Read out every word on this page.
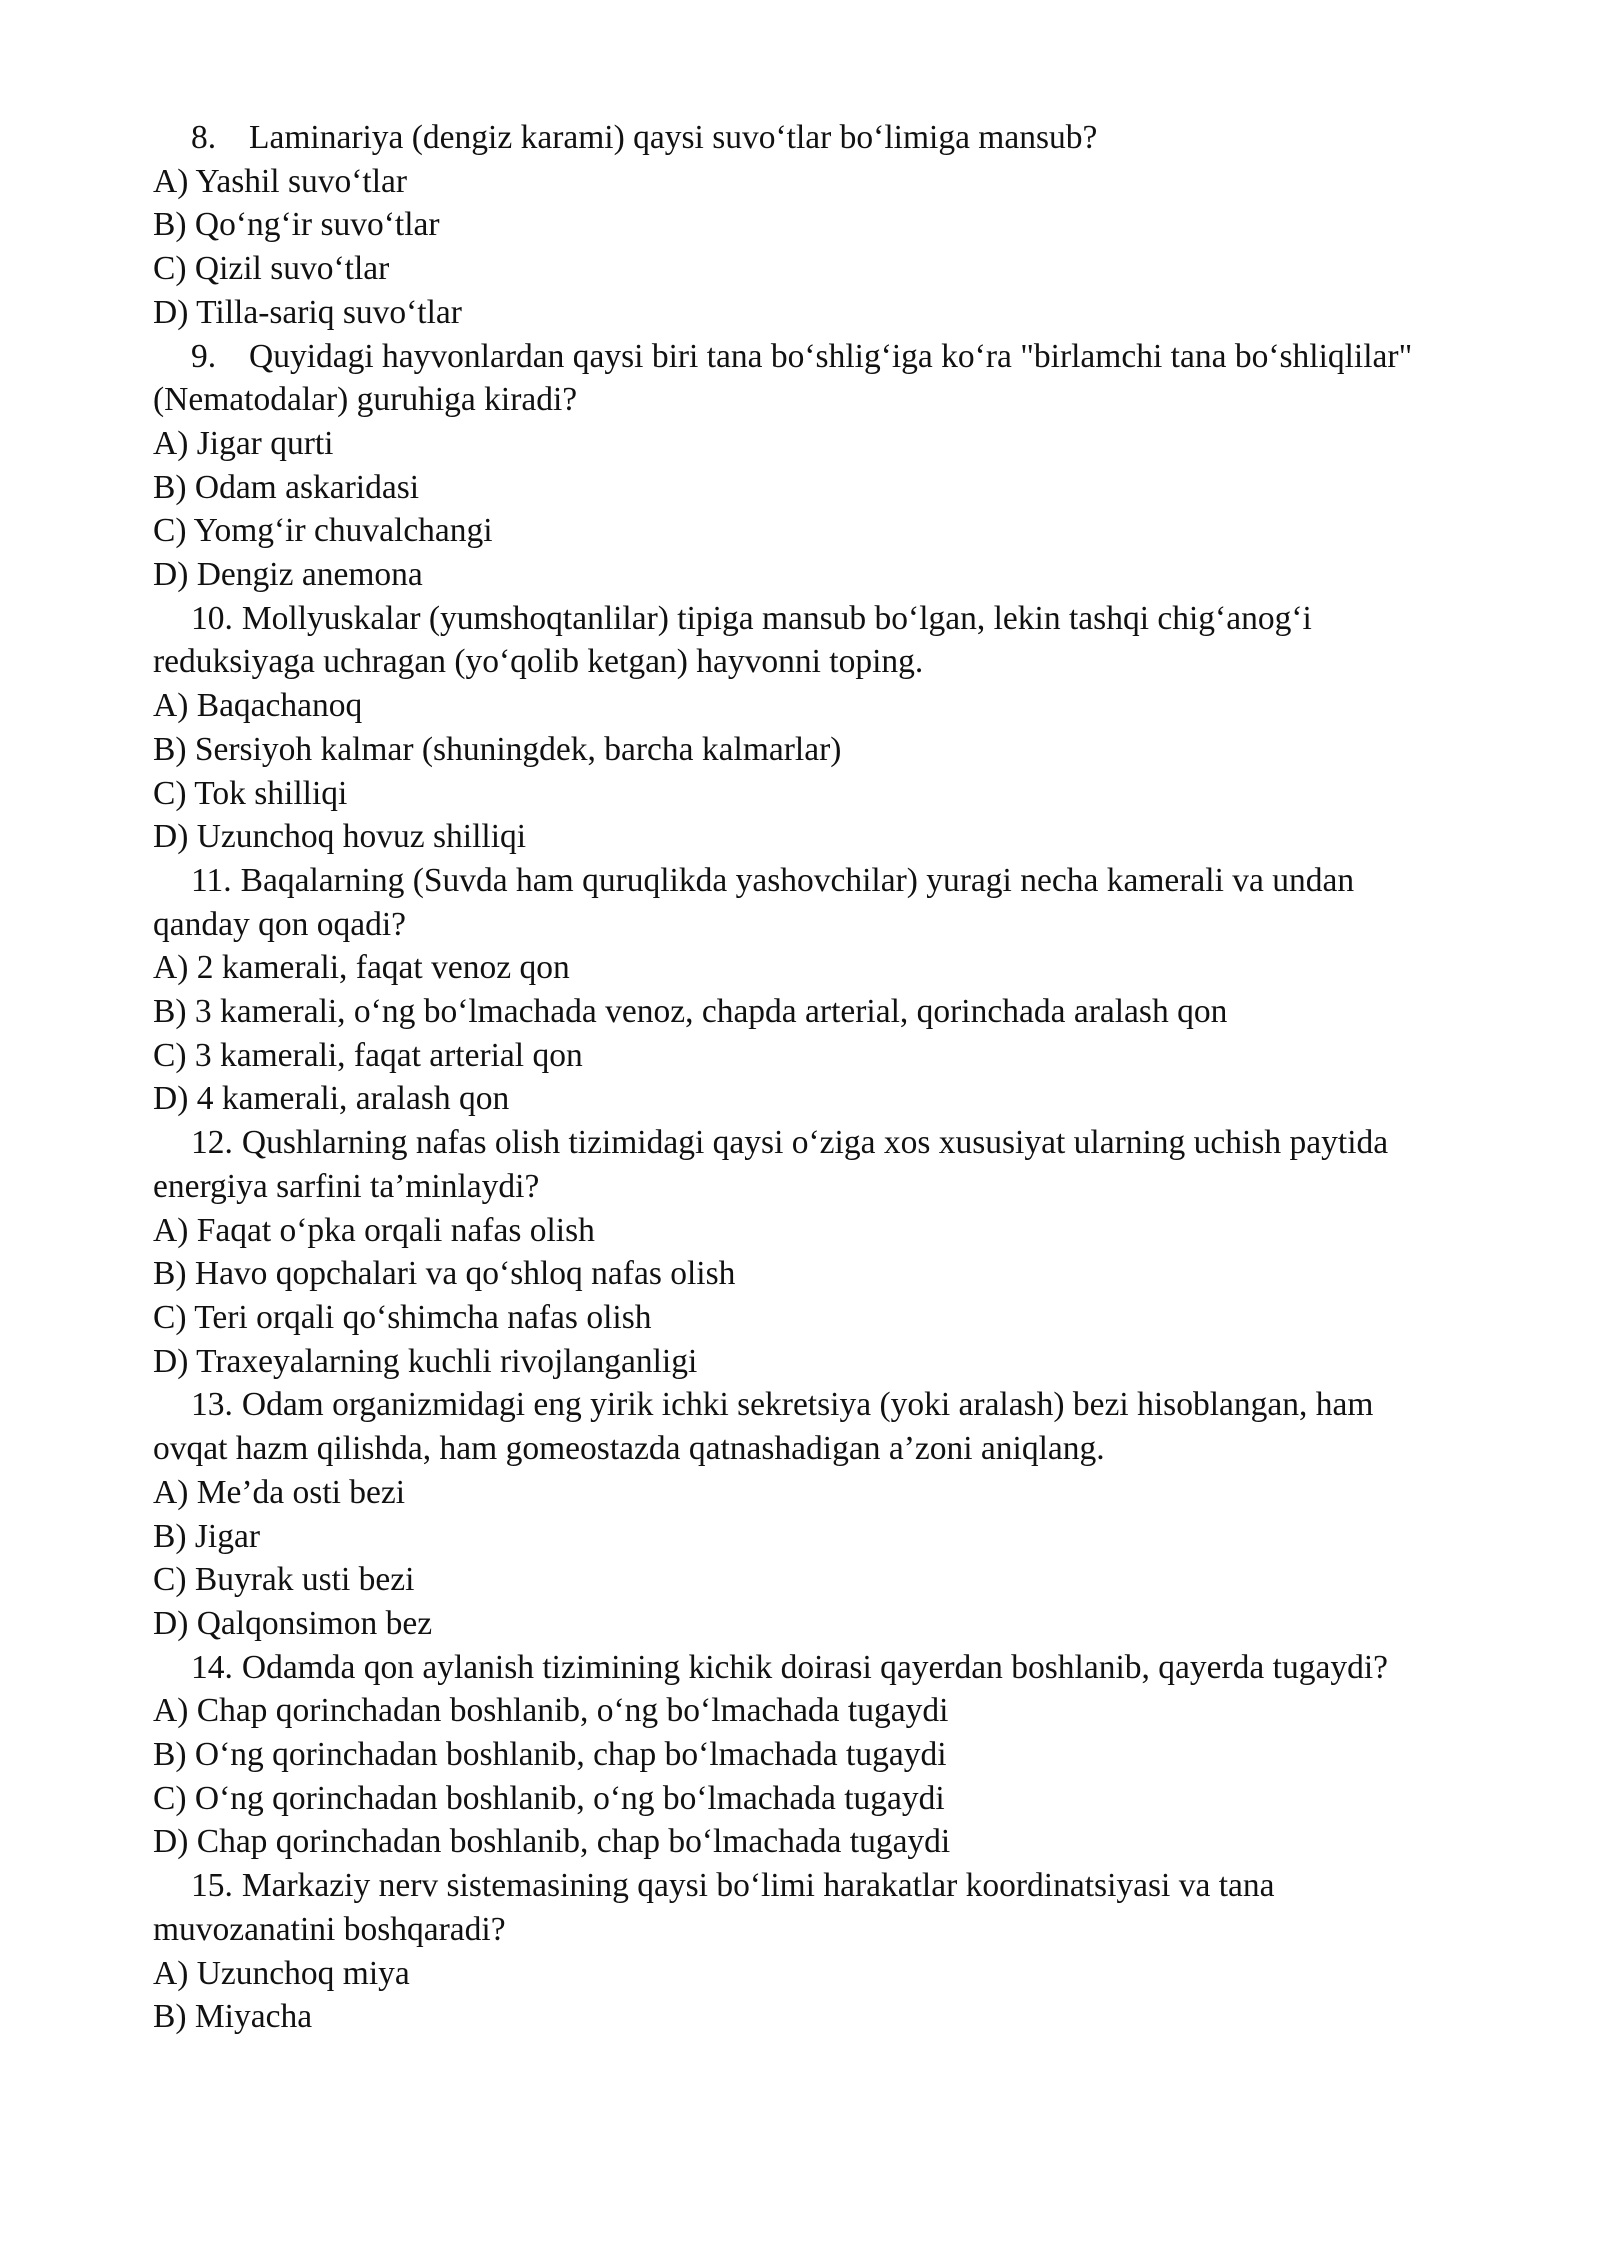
8. Laminariya (dengiz karami) qaysi suvo‘tlar bo‘limiga mansub?

A) Yashil suvo‘tlar

B) Qo‘ng‘ir suvo‘tlar

C) Qizil suvo‘tlar

D) Tilla-sariq suvo‘tlar

9. Quyidagi hayvonlardan qaysi biri tana bo‘shlig‘iga ko‘ra "birlamchi tana bo‘shliqlilar" (Nematodalar) guruhiga kiradi?

A) Jigar qurti

B) Odam askaridasi

C) Yomg‘ir chuvalchangi

D) Dengiz anemona

10. Mollyuskalar (yumshoqtanlilar) tipiga mansub bo‘lgan, lekin tashqi chig‘anog‘i reduksiyaga uchragan (yo‘qolib ketgan) hayvonni toping.

A) Baqachanoq

B) Sersiyoh kalmar (shuningdek, barcha kalmarlar)

C) Tok shilliqi

D) Uzunchoq hovuz shilliqi

11. Baqalarning (Suvda ham quruqlikda yashovchilar) yuragi necha kamerali va undan qanday qon oqadi?

A) 2 kamerali, faqat venoz qon

B) 3 kamerali, o‘ng bo‘lmachada venoz, chapda arterial, qorinchada aralash qon

C) 3 kamerali, faqat arterial qon

D) 4 kamerali, aralash qon

12. Qushlarning nafas olish tizimidagi qaysi o‘ziga xos xususiyat ularning uchish paytida energiya sarfini ta’minlaydi?

A) Faqat o‘pka orqali nafas olish

B) Havo qopchalari va qo‘shloq nafas olish

C) Teri orqali qo‘shimcha nafas olish

D) Traxeyalarning kuchli rivojlanganligi

13. Odam organizmidagi eng yirik ichki sekretsiya (yoki aralash) bezi hisoblangan, ham ovqat hazm qilishda, ham gomeostazda qatnashadigan a’zoni aniqlang.

A) Me’da osti bezi

B) Jigar

C) Buyrak usti bezi

D) Qalqonsimon bez

14. Odamda qon aylanish tizimining kichik doirasi qayerdan boshlanib, qayerda tugaydi?

A) Chap qorinchadan boshlanib, o‘ng bo‘lmachada tugaydi

B) O‘ng qorinchadan boshlanib, chap bo‘lmachada tugaydi

C) O‘ng qorinchadan boshlanib, o‘ng bo‘lmachada tugaydi

D) Chap qorinchadan boshlanib, chap bo‘lmachada tugaydi

15. Markaziy nerv sistemasining qaysi bo‘limi harakatlar koordinatsiyasi va tana muvozanatini boshqaradi?

A) Uzunchoq miya

B) Miyacha
